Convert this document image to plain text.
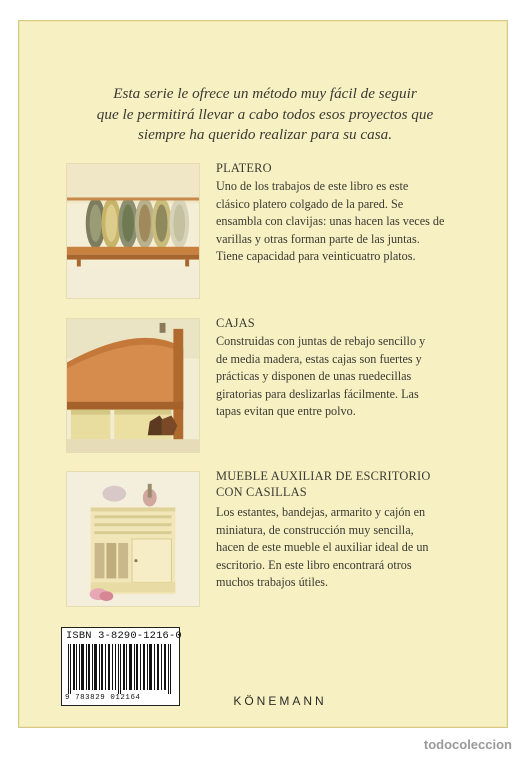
Esta serie le ofrece un método muy fácil de seguir
que le permitirá llevar a cabo todos esos proyectos que
siempre ha querido realizar para su casa.

PLATERO

Uno de los trabajos de este libro es este
clásico platero colgado de la pared. Se
ensambla con clavijas: unas hacen las veces de
varillas y otras forman parte de las juntas.
Tiene capacidad para veinticuatro platos.

CAJAS

Construidas con juntas de rebajo sencillo y
de media madera, estas cajas son fuertes y
prácticas y disponen de unas ruedecillas
giratorias para deslizarlas fácilmente. Las
tapas evitan que entre polvo.

MUEBLE AUXILIAR DE ESCRITORIO
CON CASILLAS

Los estantes, bandejas, armarito y cajón en
miniatura, de construcción muy sencilla,
hacen de este mueble el auxiliar ideal de un
escritorio. En este libro encontrará otros
muchos trabajos útiles.

ISBN 3-8290-1216-0

9 783829 012164	KÖNEMANN

todocoleccion
